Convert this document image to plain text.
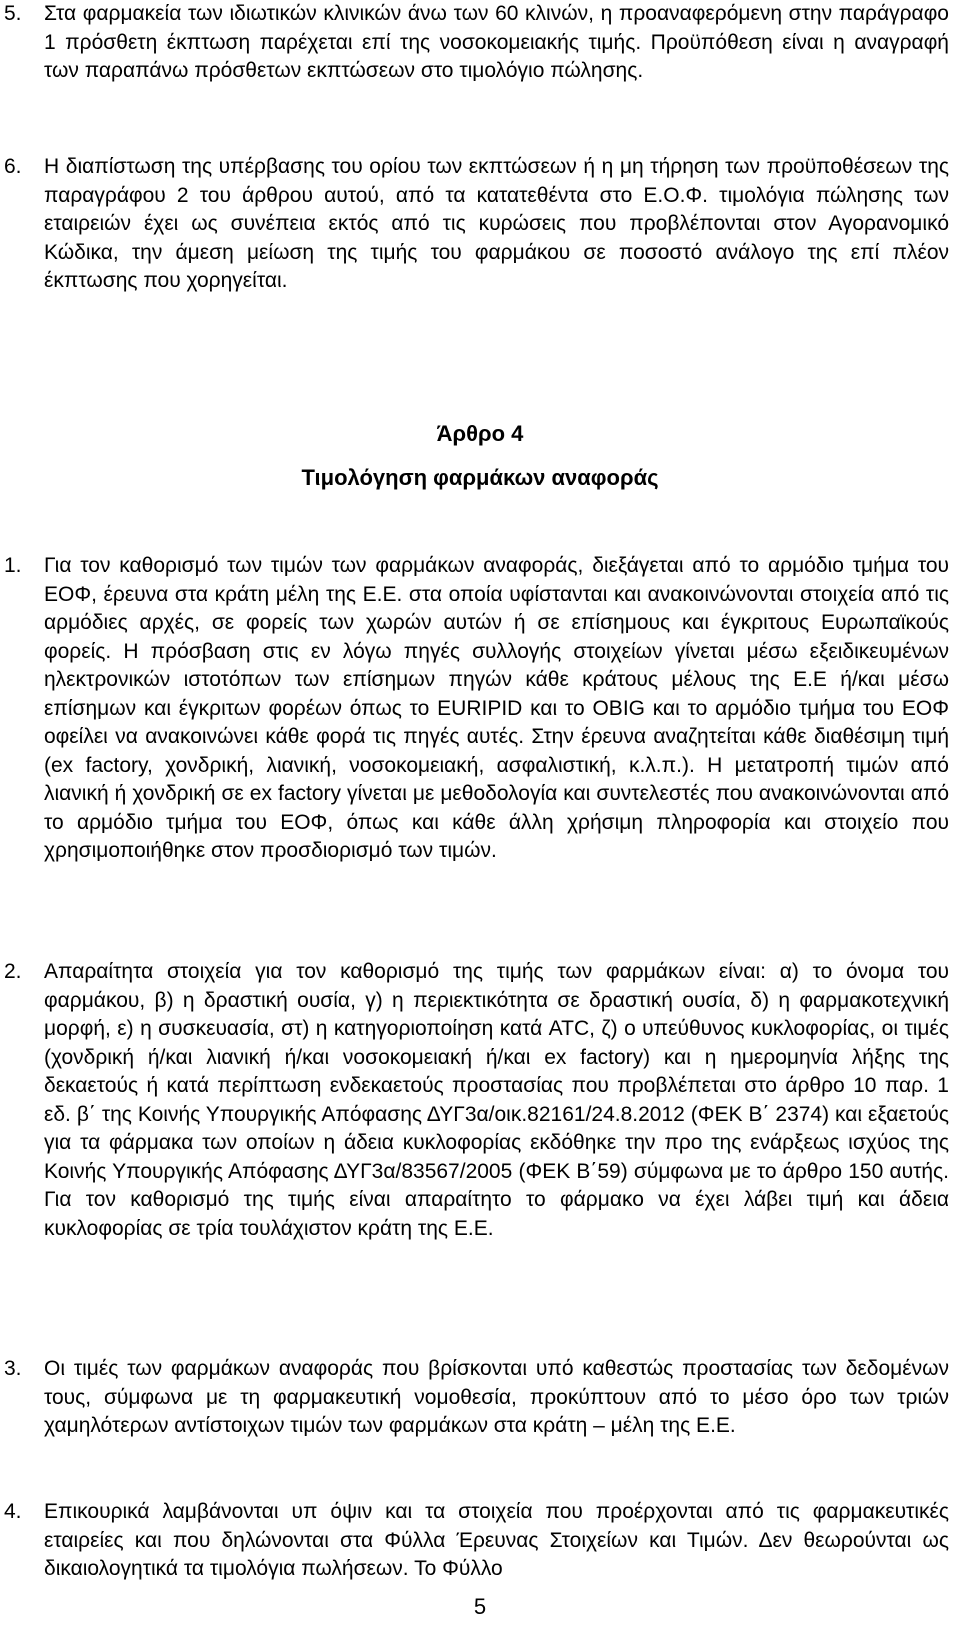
5. Στα φαρμακεία των ιδιωτικών κλινικών άνω των 60 κλινών, η προαναφερόμενη στην παράγραφο 1 πρόσθετη έκπτωση παρέχεται επί της νοσοκομειακής τιμής. Προϋπόθεση είναι η αναγραφή των παραπάνω πρόσθετων εκπτώσεων στο τιμολόγιο πώλησης.
6. Η διαπίστωση της υπέρβασης του ορίου των εκπτώσεων ή η μη τήρηση των προϋποθέσεων της παραγράφου 2 του άρθρου αυτού, από τα κατατεθέντα στο Ε.Ο.Φ. τιμολόγια πώλησης των εταιρειών έχει ως συνέπεια εκτός από τις κυρώσεις που προβλέπονται στον Αγορανομικό Κώδικα, την άμεση μείωση της τιμής του φαρμάκου σε ποσοστό ανάλογο της επί πλέον έκπτωσης που χορηγείται.
Άρθρο 4
Τιμολόγηση φαρμάκων αναφοράς
1. Για τον καθορισμό των τιμών των φαρμάκων αναφοράς, διεξάγεται από το αρμόδιο τμήμα του ΕΟΦ, έρευνα στα κράτη μέλη της Ε.Ε. στα οποία υφίστανται και ανακοινώνονται στοιχεία από τις αρμόδιες αρχές, σε φορείς των χωρών αυτών ή σε επίσημους και έγκριτους Ευρωπαϊκούς φορείς. Η πρόσβαση στις εν λόγω πηγές συλλογής στοιχείων γίνεται μέσω εξειδικευμένων ηλεκτρονικών ιστοτόπων των επίσημων πηγών κάθε κράτους μέλους της Ε.Ε ή/και μέσω επίσημων και έγκριτων φορέων όπως το EURIPID και το OBIG και το αρμόδιο τμήμα του ΕΟΦ οφείλει να ανακοινώνει κάθε φορά τις πηγές αυτές. Στην έρευνα αναζητείται κάθε διαθέσιμη τιμή (ex factory, χονδρική, λιανική, νοσοκομειακή, ασφαλιστική, κ.λ.π.). Η μετατροπή τιμών από λιανική ή χονδρική σε ex factory γίνεται με μεθοδολογία και συντελεστές που ανακοινώνονται από το αρμόδιο τμήμα του ΕΟΦ, όπως και κάθε άλλη χρήσιμη πληροφορία και στοιχείο που χρησιμοποιήθηκε στον προσδιορισμό των τιμών.
2. Απαραίτητα στοιχεία για τον καθορισμό της τιμής των φαρμάκων είναι: α) το όνομα του φαρμάκου, β) η δραστική ουσία, γ) η περιεκτικότητα σε δραστική ουσία, δ) η φαρμακοτεχνική μορφή, ε) η συσκευασία, στ) η κατηγοριοποίηση κατά ATC, ζ) ο υπεύθυνος κυκλοφορίας, οι τιμές (χονδρική ή/και λιανική ή/και νοσοκομειακή ή/και ex factory) και η ημερομηνία λήξης της δεκαετούς ή κατά περίπτωση ενδεκαετούς προστασίας που προβλέπεται στο άρθρο 10 παρ. 1 εδ. β΄ της Κοινής Υπουργικής Απόφασης ΔΥΓ3α/οικ.82161/24.8.2012 (ΦΕΚ Β΄ 2374) και εξαετούς για τα φάρμακα των οποίων η άδεια κυκλοφορίας εκδόθηκε την προ της ενάρξεως ισχύος της Κοινής Υπουργικής Απόφασης ΔΥΓ3α/83567/2005 (ΦΕΚ Β΄59) σύμφωνα με το άρθρο 150 αυτής. Για τον καθορισμό της τιμής είναι απαραίτητο το φάρμακο να έχει λάβει τιμή και άδεια κυκλοφορίας σε τρία τουλάχιστον κράτη της Ε.Ε.
3. Οι τιμές των φαρμάκων αναφοράς που βρίσκονται υπό καθεστώς προστασίας των δεδομένων τους, σύμφωνα με τη φαρμακευτική νομοθεσία, προκύπτουν από το μέσο όρο των τριών χαμηλότερων αντίστοιχων τιμών των φαρμάκων στα κράτη – μέλη της Ε.Ε.
4. Επικουρικά λαμβάνονται υπ όψιν και τα στοιχεία που προέρχονται από τις φαρμακευτικές εταιρείες και που δηλώνονται στα Φύλλα Έρευνας Στοιχείων και Τιμών. Δεν θεωρούνται ως δικαιολογητικά τα τιμολόγια πωλήσεων. Το Φύλλο
5
